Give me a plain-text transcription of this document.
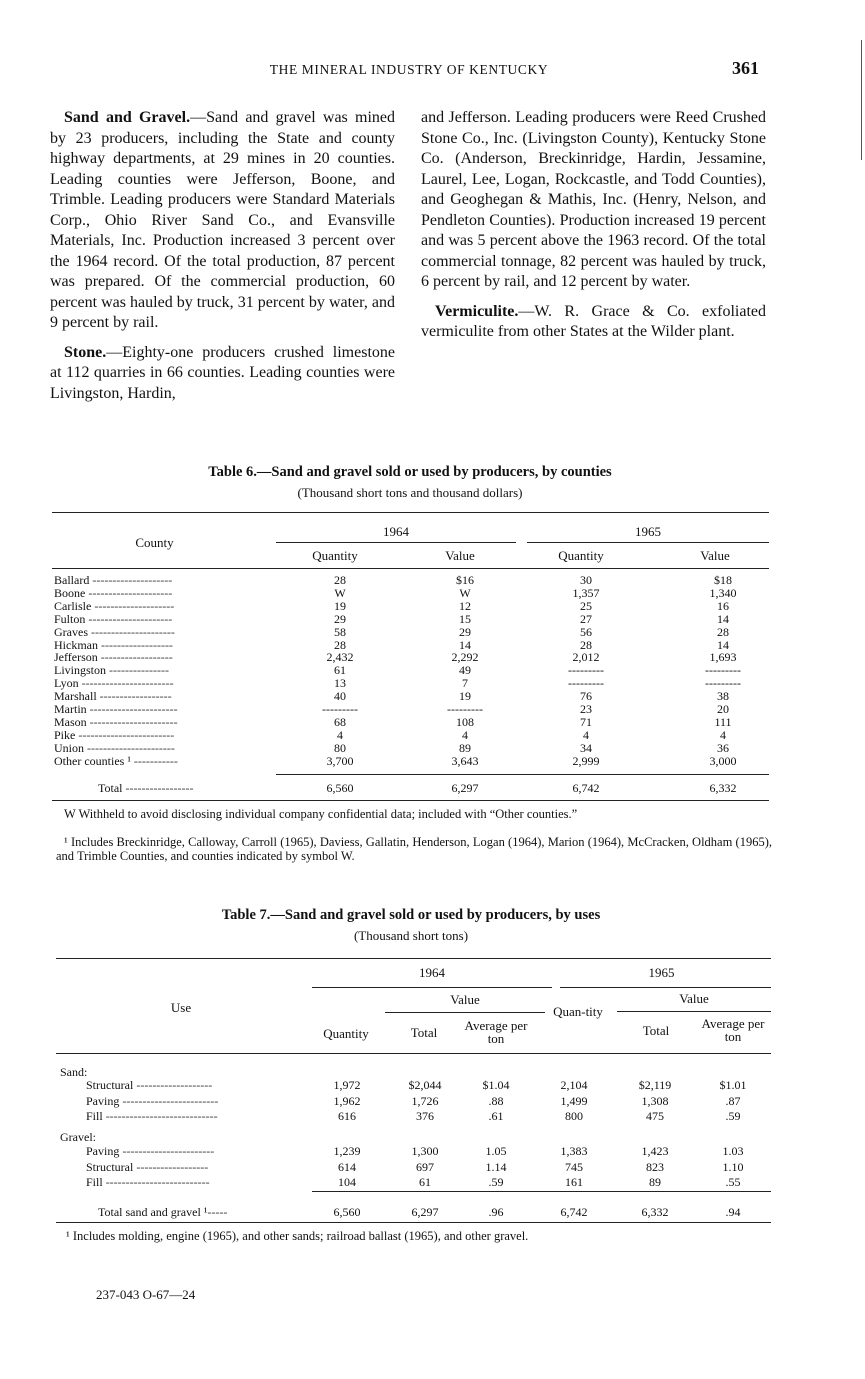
THE MINERAL INDUSTRY OF KENTUCKY	361

Sand and Gravel.—Sand and gravel was mined by 23 producers, including the State and county highway departments, at 29 mines in 20 counties. Leading counties were Jefferson, Boone, and Trimble. Leading producers were Standard Materials Corp., Ohio River Sand Co., and Evansville Materials, Inc. Production increased 3 percent over the 1964 record. Of the total production, 87 percent was prepared. Of the commercial production, 60 percent was hauled by truck, 31 percent by water, and 9 percent by rail.

Stone.—Eighty-one producers crushed limestone at 112 quarries in 66 counties. Leading counties were Livingston, Hardin,

and Jefferson. Leading producers were Reed Crushed Stone Co., Inc. (Livingston County), Kentucky Stone Co. (Anderson, Breckinridge, Hardin, Jessamine, Laurel, Lee, Logan, Rockcastle, and Todd Counties), and Geoghegan & Mathis, Inc. (Henry, Nelson, and Pendleton Counties). Production increased 19 percent and was 5 percent above the 1963 record. Of the total commercial tonnage, 82 percent was hauled by truck, 6 percent by rail, and 12 percent by water.

Vermiculite.—W. R. Grace & Co. exfoliated vermiculite from other States at the Wilder plant.

Table 6.—Sand and gravel sold or used by producers, by counties
(Thousand short tons and thousand dollars)
County
1964	1965
Quantity	Value	Quantity	Value
Ballard --------------------	28	$16	30	$18
Boone ---------------------	W	W	1,357	1,340
Carlisle --------------------	19	12	25	16
Fulton ---------------------	29	15	27	14
Graves ---------------------	58	29	56	28
Hickman ------------------	28	14	28	14
Jefferson ------------------	2,432	2,292	2,012	1,693
Livingston ---------------	61	49	---------	---------
Lyon -----------------------	13	7	---------	---------
Marshall ------------------	40	19	76	38
Martin ----------------------	---------	---------	23	20
Mason ----------------------	68	108	71	111
Pike ------------------------	4	4	4	4
Union ----------------------	80	89	34	36
Other counties ¹ -----------	3,700	3,643	2,999	3,000
Total -----------------	6,560	6,297	6,742	6,332
W Withheld to avoid disclosing individual company confidential data; included with “Other counties.”
¹ Includes Breckinridge, Calloway, Carroll (1965), Daviess, Gallatin, Henderson, Logan (1964), Marion (1964), McCracken, Oldham (1965), and Trimble Counties, and counties indicated by symbol W.
Table 7.—Sand and gravel sold or used by producers, by uses
(Thousand short tons)
Use
1964	1965
Value	Value
Quantity	Total	Average per ton
Quan-tity
Total	Average per ton
Sand:
Structural -------------------	1,972	$2,044	$1.04	2,104	$2,119	$1.01
Paving ------------------------	1,962	1,726	.88	1,499	1,308	.87
Fill ----------------------------	616	376	.61	800	475	.59
Gravel:
Paving -----------------------	1,239	1,300	1.05	1,383	1,423	1.03
Structural ------------------	614	697	1.14	745	823	1.10
Fill --------------------------	104	61	.59	161	89	.55
Total sand and gravel ¹-----	6,560	6,297	.96	6,742	6,332	.94
¹ Includes molding, engine (1965), and other sands; railroad ballast (1965), and other gravel.
237-043 O-67—24
